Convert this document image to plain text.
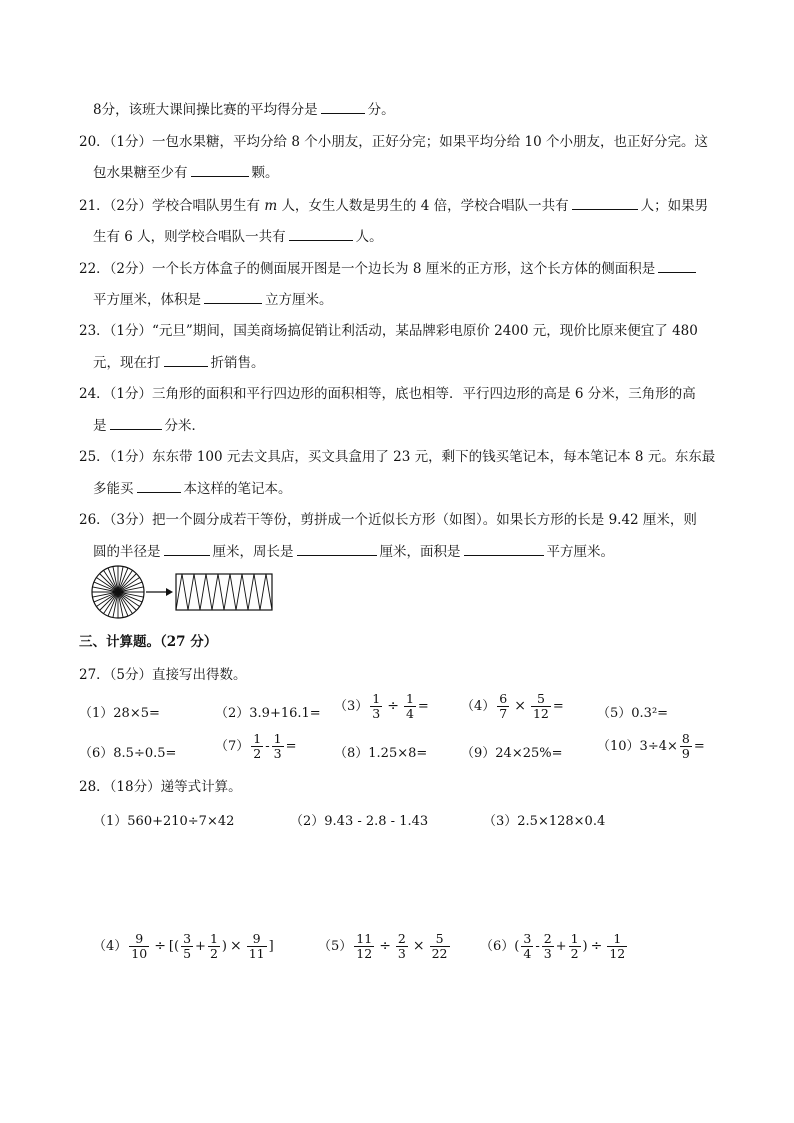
8分，该班大课间操比赛的平均得分是	分。
20．（1分）一包水果糖，平均分给 8 个小朋友，正好分完；如果平均分给 10 个小朋友，也正好分完。这
包水果糖至少有	颗。
21．（2分）学校合唱队男生有 m 人，女生人数是男生的 4 倍，学校合唱队一共有	人；如果男
生有 6 人，则学校合唱队一共有	人。
22．（2分）一个长方体盒子的侧面展开图是一个边长为 8 厘米的正方形，这个长方体的侧面积是
平方厘米，体积是	立方厘米。
23．（1分）“元旦”期间，国美商场搞促销让利活动，某品牌彩电原价 2400 元，现价比原来便宜了 480
元，现在打	折销售。
24．（1分）三角形的面积和平行四边形的面积相等，底也相等．平行四边形的高是 6 分米，三角形的高
是	分米．
25．（1分）东东带 100 元去文具店，买文具盒用了 23 元，剩下的钱买笔记本，每本笔记本 8 元。东东最
多能买	本这样的笔记本。
26．（3分）把一个圆分成若干等份，剪拼成一个近似长方形（如图）。如果长方形的长是 9.42 厘米，则
圆的半径是	厘米，周长是	厘米，面积是	平方厘米。
三、计算题。（27 分）
27．（5分）直接写出得数。
（1）28×5=	$(2)3.9+16.1= (3) \frac{1}{3} \div \frac{1}{4} = (4) \frac{6}{7} \times \frac{5}{12}$ =	（5）0.3²=
（6）8.5÷0.5=	$(7) \frac{1}{2} - \frac{1}{3}$ =	（8）1.25×8=	（9）24×25%=	$(10)3\div 4\times \frac{8}{9}$ =
28．（18分）递等式计算。
（1）560+210÷7×42	（2）9.43 - 2.8 - 1.43	（3）2.5×128×0.4
$(4) \frac{9}{10}$ ÷ [( $\frac{3}{5} + \frac{1}{2}$ ) × $\frac{9}{11}$ ]	$(5) \frac{11}{12} \div \frac{2}{3} \times \frac{5}{22} (6)( \frac{3}{4} - \frac{2}{3} + \frac{1}{2}$ ) ÷ $\frac{1}{12}$
